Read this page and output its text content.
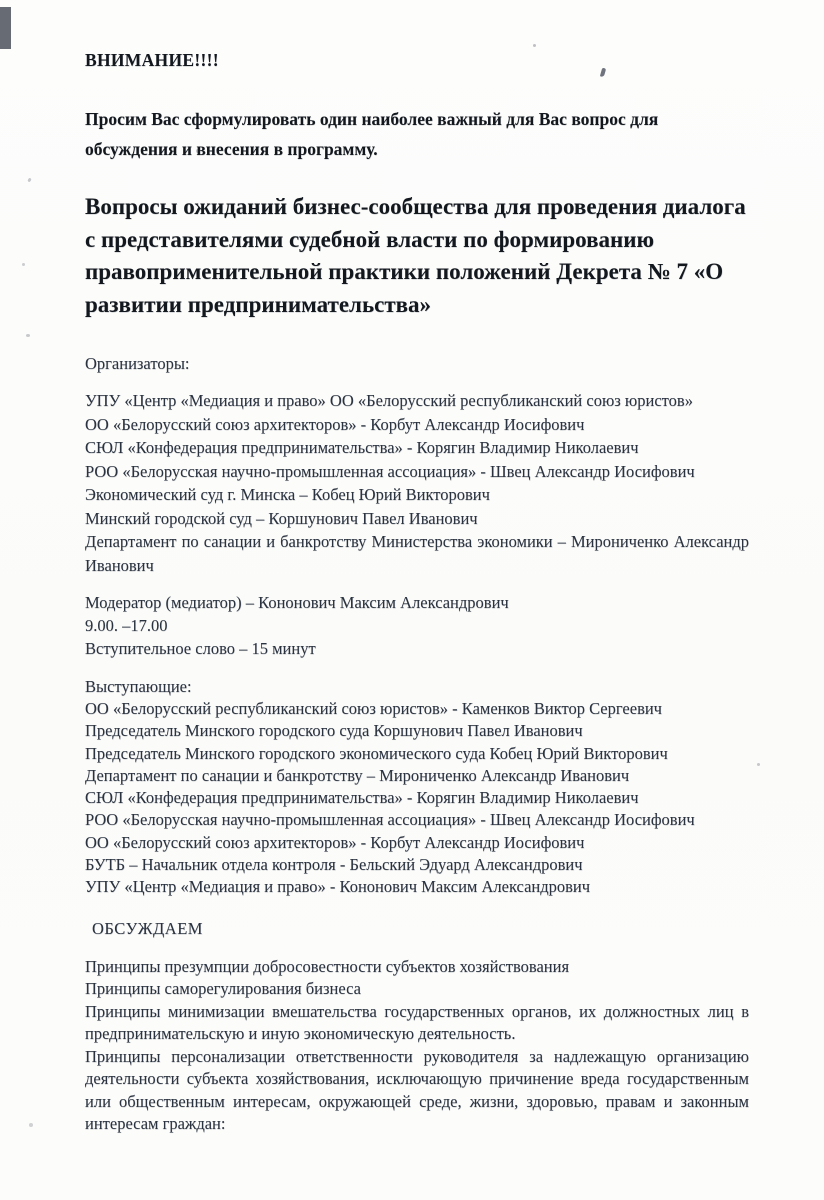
ВНИМАНИЕ!!!!

Просим Вас сформулировать один наиболее важный для Вас вопрос для обсуждения и внесения в программу.

Вопросы ожиданий бизнес-сообщества для проведения диалога с представителями судебной власти по формированию правоприменительной практики положений Декрета № 7 «О развитии предпринимательства»

Организаторы:

УПУ «Центр «Медиация и право» ОО «Белорусский республиканский союз юристов»

ОО «Белорусский союз архитекторов» - Корбут Александр Иосифович

СЮЛ «Конфедерация предпринимательства» - Корягин Владимир Николаевич

РОО «Белорусская научно-промышленная ассоциация» - Швец Александр Иосифович

Экономический суд г. Минска – Кобец Юрий Викторович

Минский городской суд – Коршунович Павел Иванович

Департамент по санации и банкротству Министерства экономики – Мирониченко Александр Иванович

Модератор (медиатор) – Кононович Максим Александрович

9.00. –17.00

Вступительное слово – 15 минут

Выступающие:

ОО «Белорусский республиканский союз юристов» - Каменков Виктор Сергеевич

Председатель Минского городского суда Коршунович Павел Иванович

Председатель Минского городского экономического суда Кобец Юрий Викторович

Департамент по санации и банкротству – Мирониченко Александр Иванович

СЮЛ «Конфедерация предпринимательства» - Корягин Владимир Николаевич

РОО «Белорусская научно-промышленная ассоциация» - Швец Александр Иосифович

ОО «Белорусский союз архитекторов» - Корбут Александр Иосифович

БУТБ – Начальник отдела контроля - Бельский Эдуард Александрович

УПУ «Центр «Медиация и право» - Кононович Максим Александрович

ОБСУЖДАЕМ

Принципы презумпции добросовестности субъектов хозяйствования

Принципы саморегулирования бизнеса

Принципы минимизации вмешательства государственных органов, их должностных лиц в предпринимательскую и иную экономическую деятельность.

Принципы персонализации ответственности руководителя за надлежащую организацию деятельности субъекта хозяйствования, исключающую причинение вреда государственным или общественным интересам, окружающей среде, жизни, здоровью, правам и законным интересам граждан:
